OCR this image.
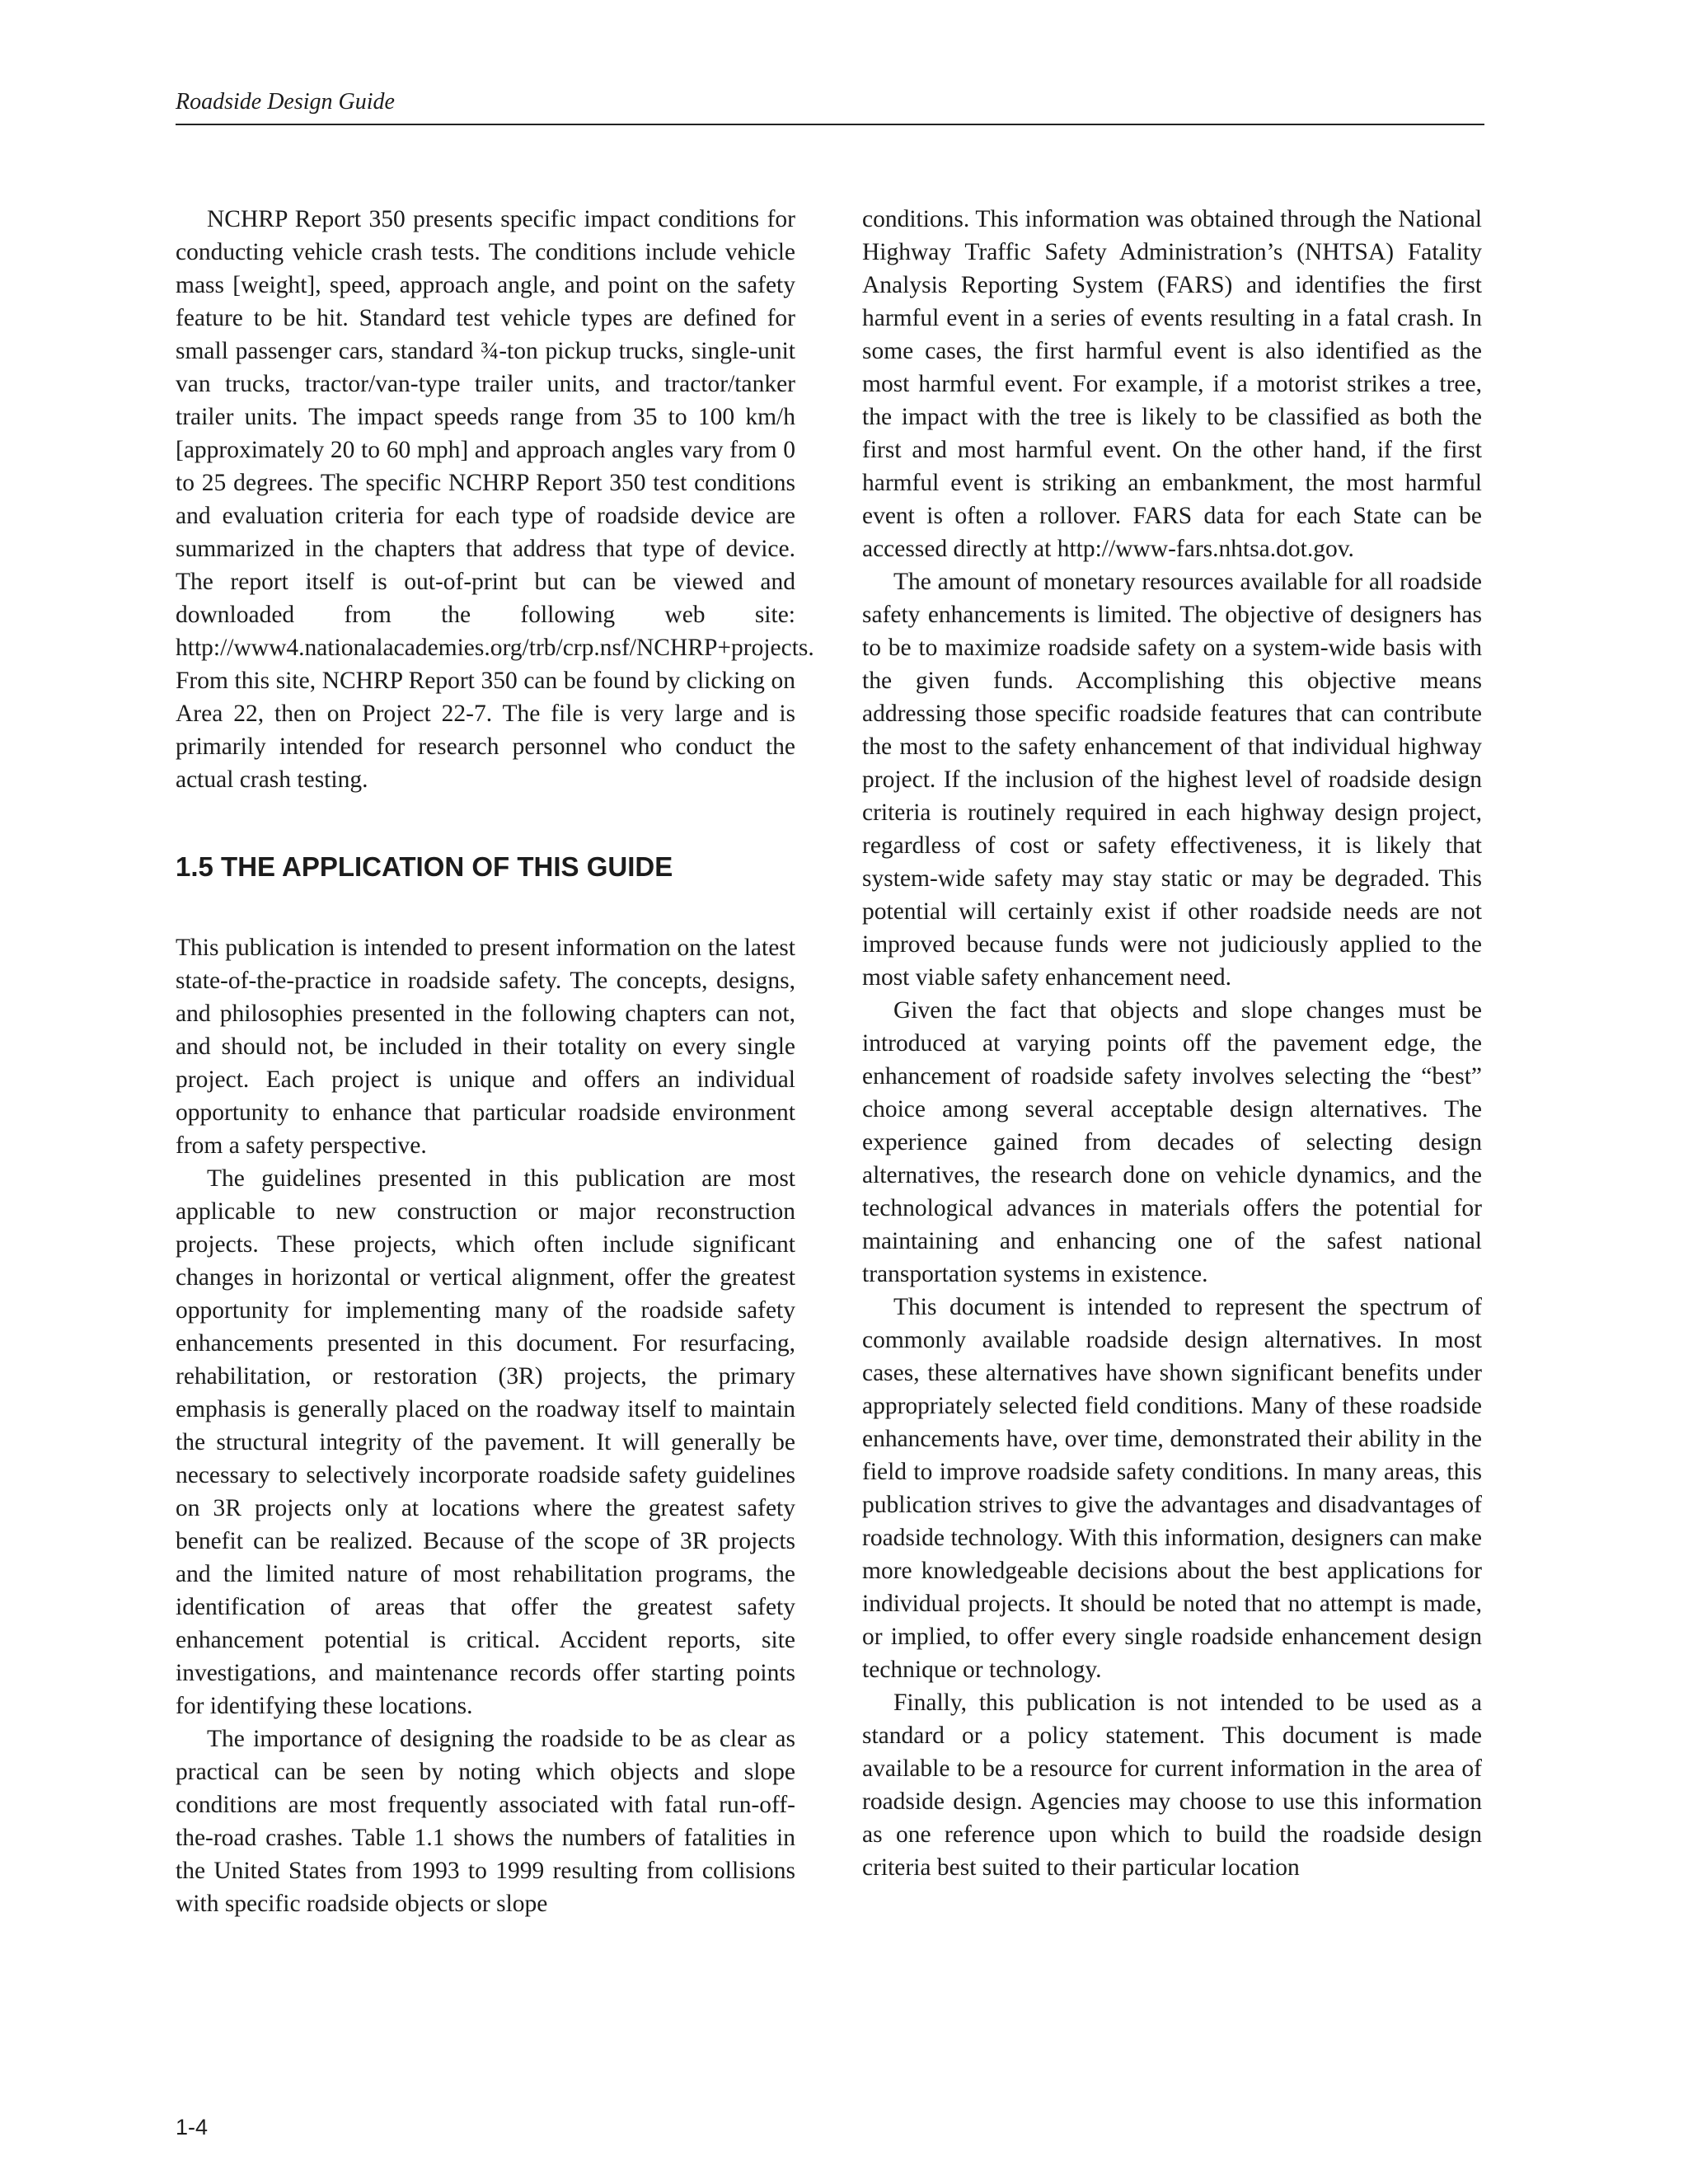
Roadside Design Guide

NCHRP Report 350 presents specific impact conditions for conducting vehicle crash tests. The conditions include vehicle mass [weight], speed, approach angle, and point on the safety feature to be hit. Standard test vehicle types are defined for small passenger cars, standard ¾-ton pickup trucks, single-unit van trucks, tractor/van-type trailer units, and tractor/tanker trailer units. The impact speeds range from 35 to 100 km/h [approximately 20 to 60 mph] and approach angles vary from 0 to 25 degrees. The specific NCHRP Report 350 test conditions and evaluation criteria for each type of roadside device are summarized in the chapters that address that type of device. The report itself is out-of-print but can be viewed and downloaded from the following web site: http://www4.nationalacademies.org/trb/crp.nsf/NCHRP+projects. From this site, NCHRP Report 350 can be found by clicking on Area 22, then on Project 22-7. The file is very large and is primarily intended for research personnel who conduct the actual crash testing.

1.5 THE APPLICATION OF THIS GUIDE

This publication is intended to present information on the latest state-of-the-practice in roadside safety. The concepts, designs, and philosophies presented in the following chapters can not, and should not, be included in their totality on every single project. Each project is unique and offers an individual opportunity to enhance that particular roadside environment from a safety perspective.

The guidelines presented in this publication are most applicable to new construction or major reconstruction projects. These projects, which often include significant changes in horizontal or vertical alignment, offer the greatest opportunity for implementing many of the roadside safety enhancements presented in this document. For resurfacing, rehabilitation, or restoration (3R) projects, the primary emphasis is generally placed on the roadway itself to maintain the structural integrity of the pavement. It will generally be necessary to selectively incorporate roadside safety guidelines on 3R projects only at locations where the greatest safety benefit can be realized. Because of the scope of 3R projects and the limited nature of most rehabilitation programs, the identification of areas that offer the greatest safety enhancement potential is critical. Accident reports, site investigations, and maintenance records offer starting points for identifying these locations.

The importance of designing the roadside to be as clear as practical can be seen by noting which objects and slope conditions are most frequently associated with fatal run-off-the-road crashes. Table 1.1 shows the numbers of fatalities in the United States from 1993 to 1999 resulting from collisions with specific roadside objects or slope

conditions. This information was obtained through the National Highway Traffic Safety Administration’s (NHTSA) Fatality Analysis Reporting System (FARS) and identifies the first harmful event in a series of events resulting in a fatal crash. In some cases, the first harmful event is also identified as the most harmful event. For example, if a motorist strikes a tree, the impact with the tree is likely to be classified as both the first and most harmful event. On the other hand, if the first harmful event is striking an embankment, the most harmful event is often a rollover. FARS data for each State can be accessed directly at http://www-fars.nhtsa.dot.gov.

The amount of monetary resources available for all roadside safety enhancements is limited. The objective of designers has to be to maximize roadside safety on a system-wide basis with the given funds. Accomplishing this objective means addressing those specific roadside features that can contribute the most to the safety enhancement of that individual highway project. If the inclusion of the highest level of roadside design criteria is routinely required in each highway design project, regardless of cost or safety effectiveness, it is likely that system-wide safety may stay static or may be degraded. This potential will certainly exist if other roadside needs are not improved because funds were not judiciously applied to the most viable safety enhancement need.

Given the fact that objects and slope changes must be introduced at varying points off the pavement edge, the enhancement of roadside safety involves selecting the “best” choice among several acceptable design alternatives. The experience gained from decades of selecting design alternatives, the research done on vehicle dynamics, and the technological advances in materials offers the potential for maintaining and enhancing one of the safest national transportation systems in existence.

This document is intended to represent the spectrum of commonly available roadside design alternatives. In most cases, these alternatives have shown significant benefits under appropriately selected field conditions. Many of these roadside enhancements have, over time, demonstrated their ability in the field to improve roadside safety conditions. In many areas, this publication strives to give the advantages and disadvantages of roadside technology. With this information, designers can make more knowledgeable decisions about the best applications for individual projects. It should be noted that no attempt is made, or implied, to offer every single roadside enhancement design technique or technology.

Finally, this publication is not intended to be used as a standard or a policy statement. This document is made available to be a resource for current information in the area of roadside design. Agencies may choose to use this information as one reference upon which to build the roadside design criteria best suited to their particular location

1-4
